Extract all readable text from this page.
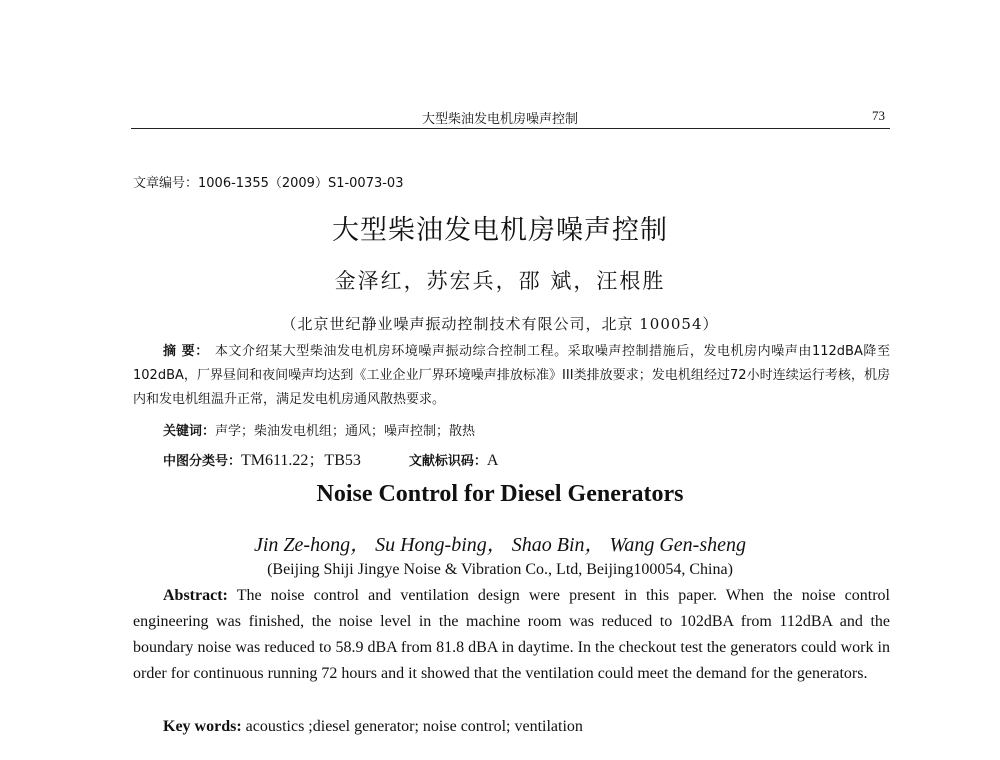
大型柴油发电机房噪声控制	73
文章编号：1006-1355（2009）S1-0073-03
大型柴油发电机房噪声控制
金泽红，苏宏兵，邵 斌，汪根胜
（北京世纪静业噪声振动控制技术有限公司，北京 100054）
摘 要： 本文介绍某大型柴油发电机房环境噪声振动综合控制工程。采取噪声控制措施后，发电机房内噪声由112dBA降至102dBA，厂界昼间和夜间噪声均达到《工业企业厂界环境噪声排放标准》III类排放要求；发电机组经过72小时连续运行考核，机房内和发电机组温升正常，满足发电机房通风散热要求。
关键词：声学；柴油发电机组；通风；噪声控制；散热
中图分类号：TM611.22；TB53	文献标识码：A
Noise Control for Diesel Generators
Jin Ze-hong， Su Hong-bing， Shao Bin， Wang Gen-sheng
(Beijing Shiji Jingye Noise & Vibration Co., Ltd, Beijing100054, China)
Abstract: The noise control and ventilation design were present in this paper. When the noise control engineering was finished, the noise level in the machine room was reduced to 102dBA from 112dBA and the boundary noise was reduced to 58.9 dBA from 81.8 dBA in daytime. In the checkout test the generators could work in order for continuous running 72 hours and it showed that the ventilation could meet the demand for the generators.
Key words: acoustics ;diesel generator; noise control; ventilation
